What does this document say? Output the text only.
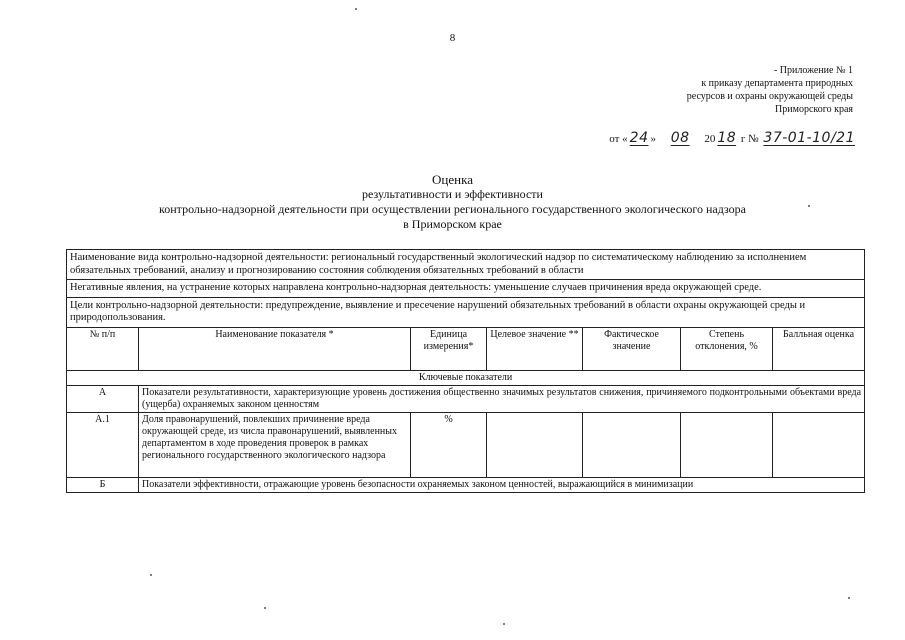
8
- Приложение № 1
к приказу департамента природных
ресурсов и охраны окружающей среды
Приморского края
от « 24 » 08 20 18 г № 37-01-10/21
Оценка
результативности и эффективности
контрольно-надзорной деятельности при осуществлении регионального государственного экологического надзора
в Приморском крае
Наименование вида контрольно-надзорной деятельности: региональный государственный экологический надзор по систематическому наблюдению за исполнением обязательных требований, анализу и прогнозированию состояния соблюдения обязательных требований в области						
Негативные явления, на устранение которых направлена контрольно-надзорная деятельность: уменьшение случаев причинения вреда окружающей среде.						
Цели контрольно-надзорной деятельности: предупреждение, выявление и пресечение нарушений обязательных требований в области охраны окружающей среды и природопользования.						
№ п/п	Наименование показателя *	Единица измерения*	Целевое значение **	Фактическое значение	Степень отклонения, %	Балльная оценка
Ключевые показатели						
А	Показатели результативности, характеризующие уровень достижения общественно значимых результатов снижения, причиняемого подконтрольными объектами вреда (ущерба) охраняемых законом ценностям					
А.1	Доля правонарушений, повлекших причинение вреда окружающей среде, из числа правонарушений, выявленных департаментом в ходе проведения проверок в рамках регионального государственного экологического надзора	%				
Б	Показатели эффективности, отражающие уровень безопасности охраняемых законом ценностей, выражающийся в минимизации					
